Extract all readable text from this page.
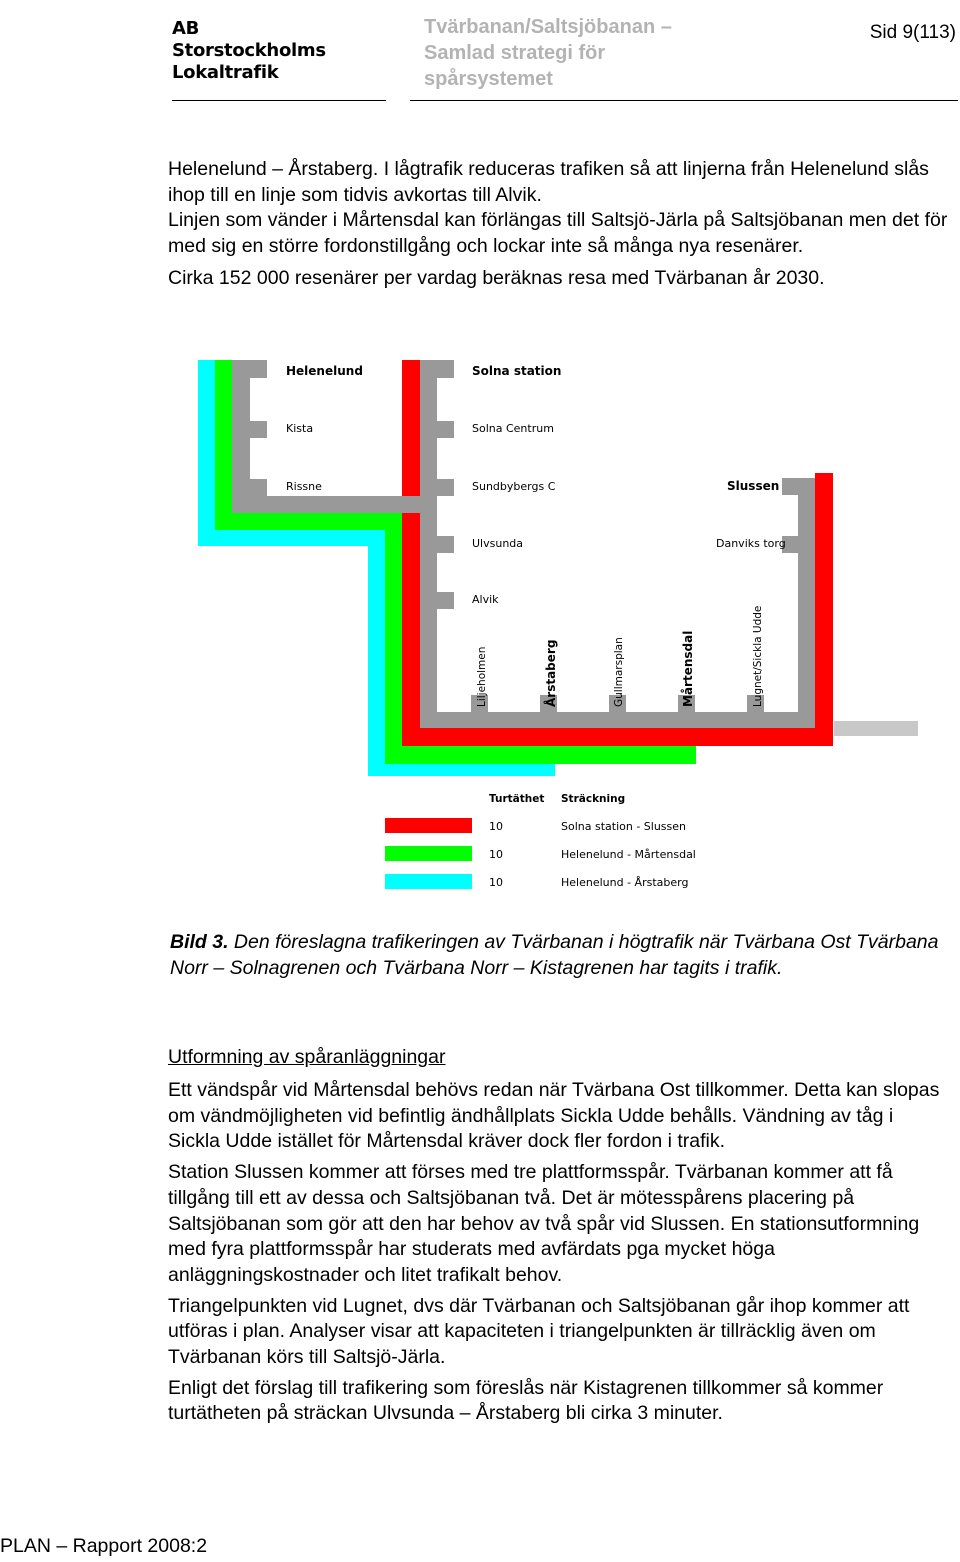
AB
Storstockholms
Lokaltrafik
Tvärbanan/Saltsjöbanan –
Samlad strategi för
spårsystemet
Sid 9(113)

Helenelund – Årstaberg. I lågtrafik reduceras trafiken så att linjerna från Helenelund slås ihop till en linje som tidvis avkortas till Alvik.

Linjen som vänder i Mårtensdal kan förlängas till Saltsjö-Järla på Saltsjöbanan men det för med sig en större fordonstillgång och lockar inte så många nya resenärer.

Cirka 152 000 resenärer per vardag beräknas resa med Tvärbanan år 2030.

Helenelund	Solna station
Slussen
Kista
Rissne
Solna Centrum
Sundbybergs C
Ulvsunda
Alvik
Danviks torg
Liljeholmen	Årstaberg	Gullmarsplan	Mårtensdal	Lugnet/Sickla Udde
Turtäthet Sträckning
10	Solna station - Slussen
10	Helenelund - Mårtensdal
10	Helenelund - Årstaberg
Bild 3. Den föreslagna trafikeringen av Tvärbanan i högtrafik när Tvärbana Ost Tvärbana Norr – Solnagrenen och Tvärbana Norr – Kistagrenen har tagits i trafik.
Utformning av spåranläggningar

Ett vändspår vid Mårtensdal behövs redan när Tvärbana Ost tillkommer. Detta kan slopas om vändmöjligheten vid befintlig ändhållplats Sickla Udde behålls. Vändning av tåg i Sickla Udde istället för Mårtensdal kräver dock fler fordon i trafik.

Station Slussen kommer att förses med tre plattformsspår. Tvärbanan kommer att få tillgång till ett av dessa och Saltsjöbanan två. Det är mötesspårens placering på Saltsjöbanan som gör att den har behov av två spår vid Slussen. En stationsutformning med fyra plattformsspår har studerats med avfärdats pga mycket höga anläggningskostnader och litet trafikalt behov.

Triangelpunkten vid Lugnet, dvs där Tvärbanan och Saltsjöbanan går ihop kommer att utföras i plan. Analyser visar att kapaciteten i triangelpunkten är tillräcklig även om Tvärbanan körs till Saltsjö-Järla.

Enligt det förslag till trafikering som föreslås när Kistagrenen tillkommer så kommer turtätheten på sträckan Ulvsunda – Årstaberg bli cirka 3 minuter.

PLAN – Rapport 2008:2
